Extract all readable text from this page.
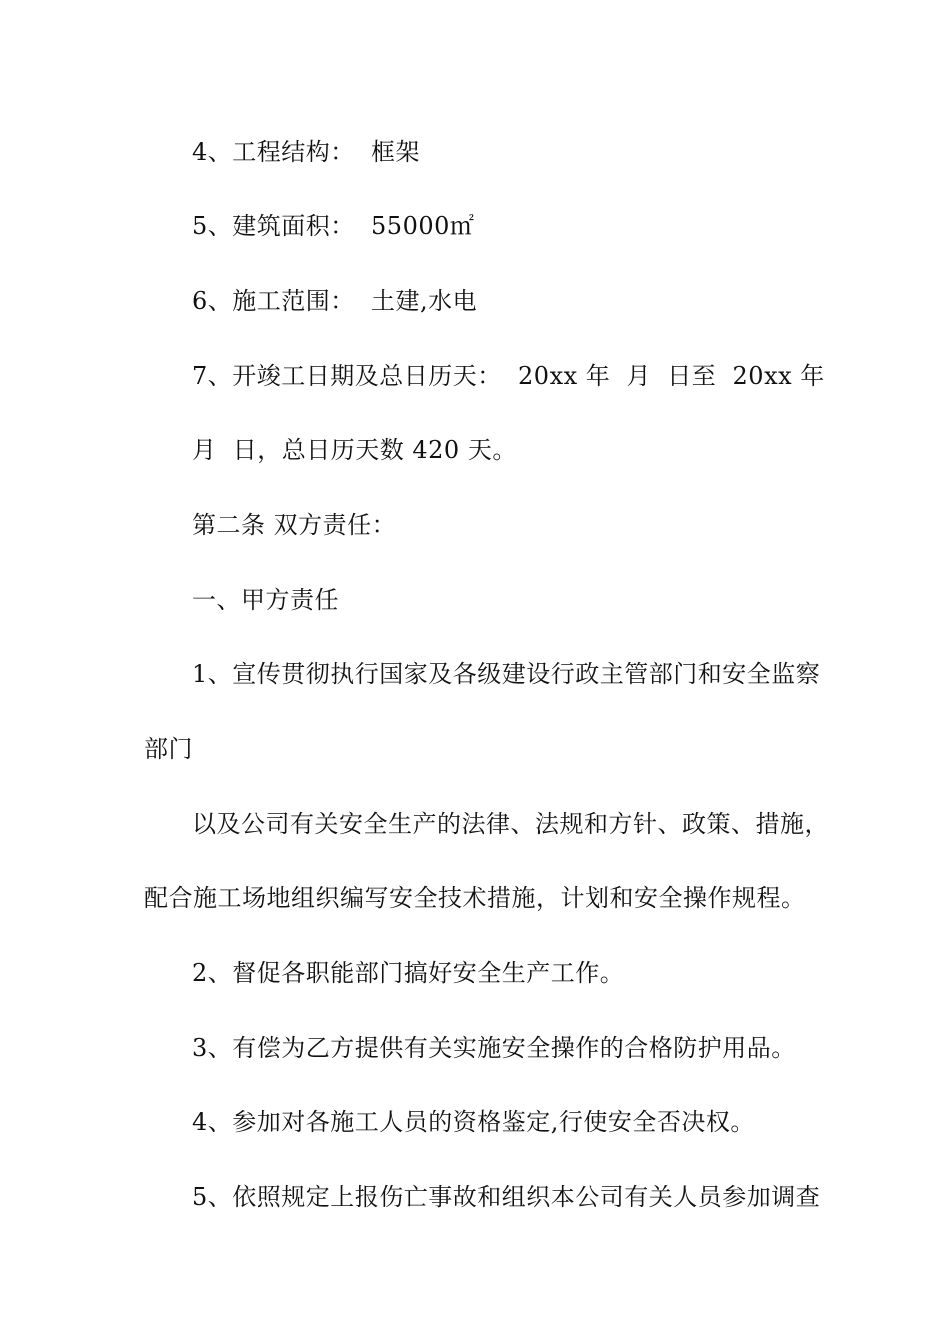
4、工程结构：  框架
5、建筑面积：  55000㎡
6、施工范围：  土建,水电
7、开竣工日期及总日历天：  20xx 年  月  日至  20xx 年
月  日，总日历天数 420 天。
第二条 双方责任：
一、甲方责任
1、宣传贯彻执行国家及各级建设行政主管部门和安全监察
部门
以及公司有关安全生产的法律、法规和方针、政策、措施，
配合施工场地组织编写安全技术措施，计划和安全操作规程。
2、督促各职能部门搞好安全生产工作。
3、有偿为乙方提供有关实施安全操作的合格防护用品。
4、参加对各施工人员的资格鉴定,行使安全否决权。
5、依照规定上报伤亡事故和组织本公司有关人员参加调查
